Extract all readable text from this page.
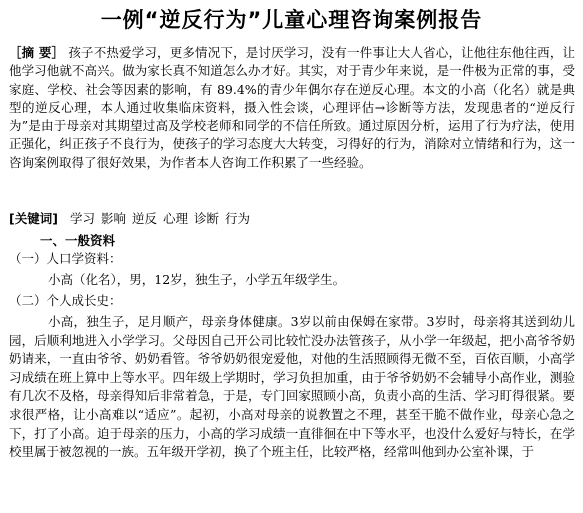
一例“逆反行为”儿童心理咨询案例报告
［摘 要］ 孩子不热爱学习，更多情况下，是讨厌学习，没有一件事让大人省心，让他往东他往西，让他学习他就不高兴。做为家长真不知道怎么办才好。其实，对于青少年来说，是一件极为正常的事，受家庭、学校、社会等因素的影响，有 89.4%的青少年偶尔存在逆反心理。本文的小高（化名）就是典型的逆反心理，本人通过收集临床资料，摄入性会谈，心理评估→诊断等方法，发现患者的“逆反行为”是由于母亲对其期望过高及学校老师和同学的不信任所致。通过原因分析，运用了行为疗法，使用正强化，纠正孩子不良行为，使孩子的学习态度大大转变，习得好的行为，消除对立情绪和行为，这一咨询案例取得了很好效果，为作者本人咨询工作积累了一些经验。
[关键词] 学习 影响 逆反 心理 诊断 行为
一、一般资料
（一）人口学资料：
小高（化名），男，12岁，独生子，小学五年级学生。
（二）个人成长史：
小高，独生子，足月顺产，母亲身体健康。3岁以前由保姆在家带。3岁时，母亲将其送到幼儿园，后顺利地进入小学学习。父母因自己开公司比较忙没办法管孩子，从小学一年级起，把小高爷爷奶奶请来，一直由爷爷、奶奶看管。爷爷奶奶很宠爱他，对他的生活照顾得无微不至，百依百顺，小高学习成绩在班上算中上等水平。四年级上学期时，学习负担加重，由于爷爷奶奶不会辅导小高作业，测验有几次不及格，母亲得知后非常着急，于是，专门回家照顾小高，负责小高的生活、学习盯得很紧。要求很严格，让小高难以“适应”。起初，小高对母亲的说教置之不理，甚至干脆不做作业，母亲心急之下，打了小高。迫于母亲的压力，小高的学习成绩一直徘徊在中下等水平，也没什么爱好与特长，在学校里属于被忽视的一族。五年级开学初，换了个班主任，比较严格，经常叫他到办公室补课，于
